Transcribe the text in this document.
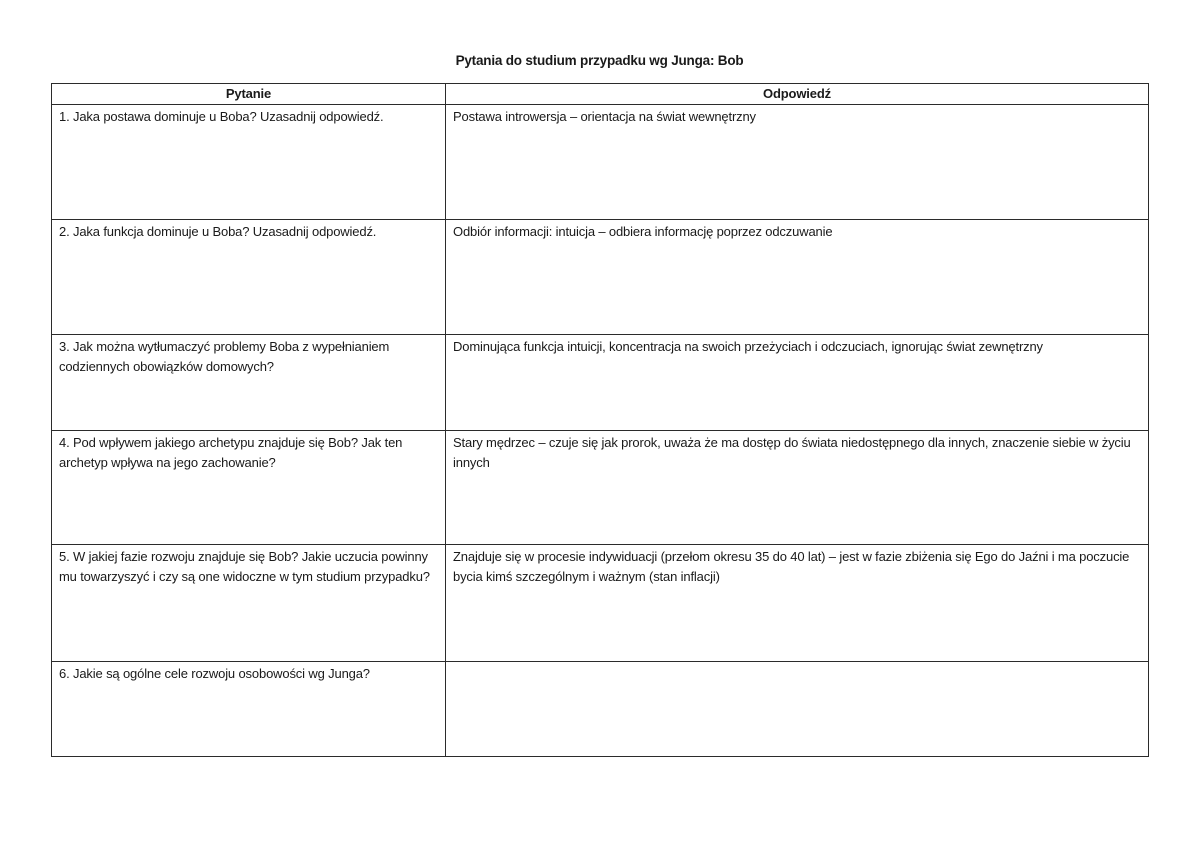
Pytania do studium przypadku wg Junga: Bob
Pytanie	Odpowiedź
1. Jaka postawa dominuje u Boba? Uzasadnij odpowiedź.	Postawa introwersja – orientacja na świat wewnętrzny
2. Jaka funkcja dominuje u Boba? Uzasadnij odpowiedź.	Odbiór informacji: intuicja – odbiera informację poprzez odczuwanie
3. Jak można wytłumaczyć problemy Boba z wypełnianiem codziennych obowiązków domowych?	Dominująca funkcja intuicji, koncentracja na swoich przeżyciach i odczuciach, ignorując świat zewnętrzny
4. Pod wpływem jakiego archetypu znajduje się Bob? Jak ten archetyp wpływa na jego zachowanie?	Stary mędrzec – czuje się jak prorok, uważa że ma dostęp do świata niedostępnego dla innych, znaczenie siebie w życiu innych
5. W jakiej fazie rozwoju znajduje się Bob? Jakie uczucia powinny mu towarzyszyć i czy są one widoczne w tym studium przypadku?	Znajduje się w procesie indywiduacji (przełom okresu 35 do 40 lat) – jest w fazie zbiżenia się Ego do Jaźni i ma poczucie bycia kimś szczególnym i ważnym (stan inflacji)
6. Jakie są ogólne cele rozwoju osobowości wg Junga?	
